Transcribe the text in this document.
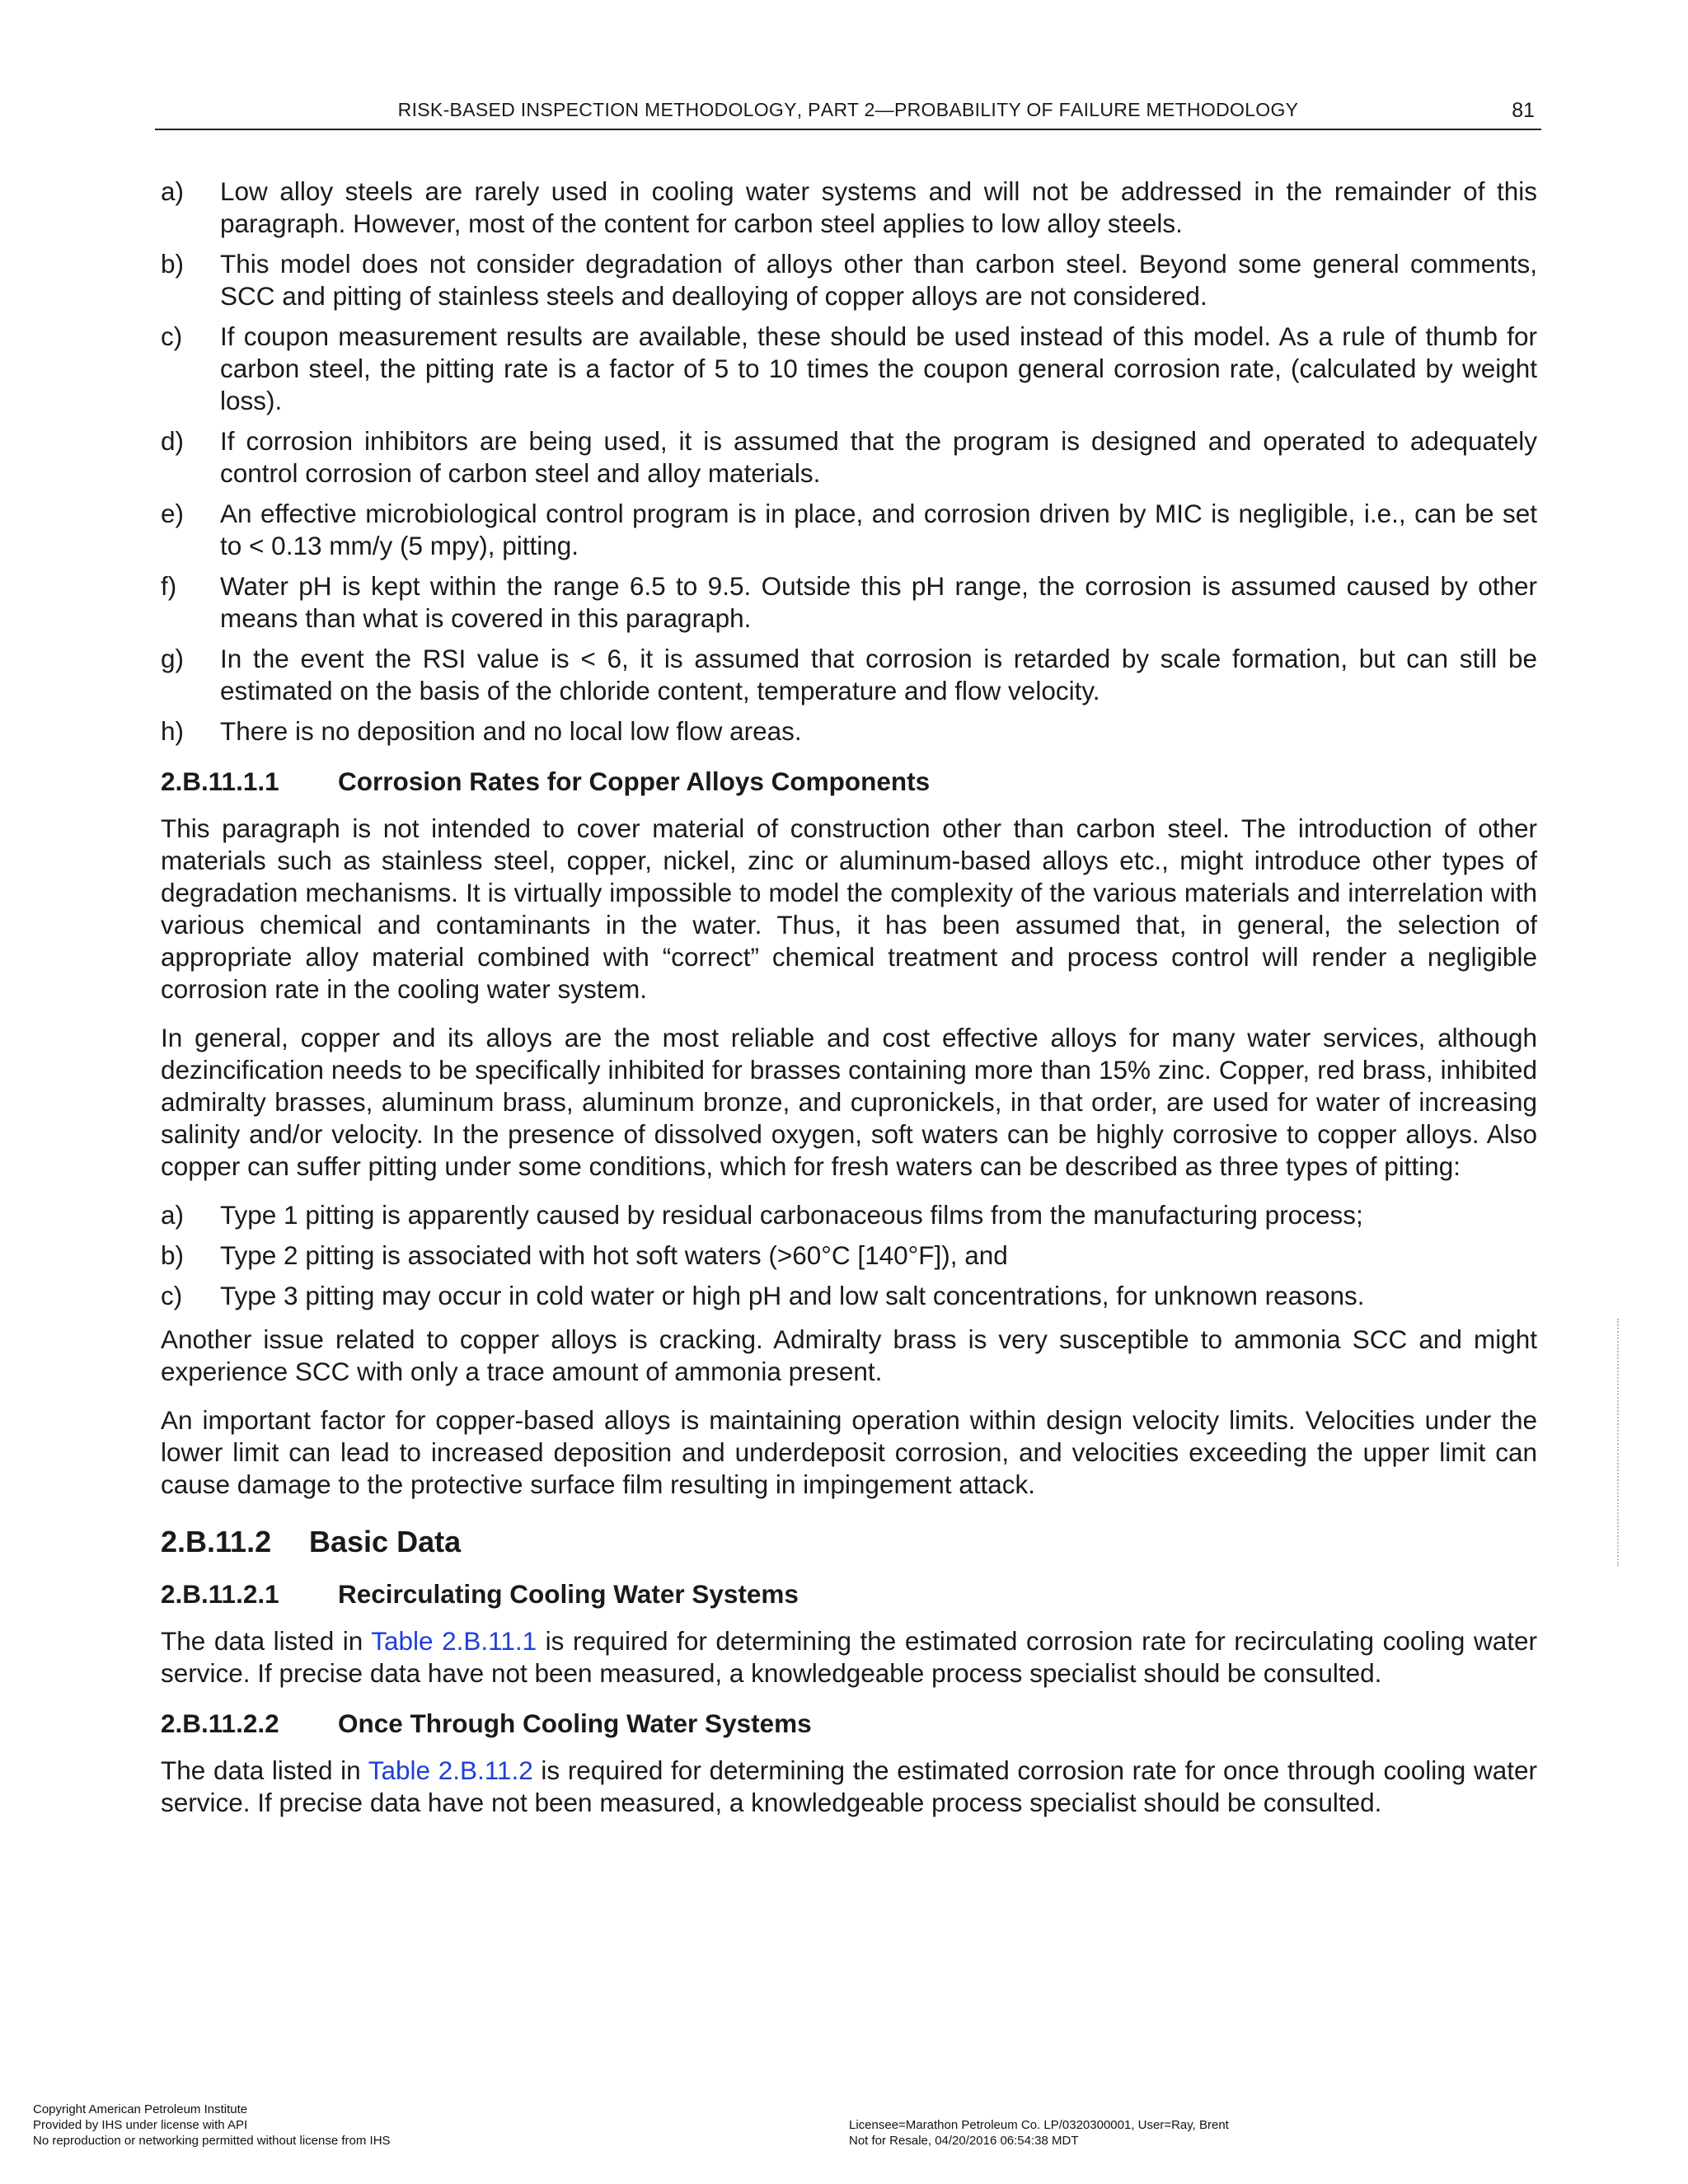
RISK-BASED INSPECTION METHODOLOGY, PART 2—PROBABILITY OF FAILURE METHODOLOGY	81
a) Low alloy steels are rarely used in cooling water systems and will not be addressed in the remainder of this paragraph. However, most of the content for carbon steel applies to low alloy steels.
b) This model does not consider degradation of alloys other than carbon steel. Beyond some general comments, SCC and pitting of stainless steels and dealloying of copper alloys are not considered.
c) If coupon measurement results are available, these should be used instead of this model. As a rule of thumb for carbon steel, the pitting rate is a factor of 5 to 10 times the coupon general corrosion rate, (calculated by weight loss).
d) If corrosion inhibitors are being used, it is assumed that the program is designed and operated to adequately control corrosion of carbon steel and alloy materials.
e) An effective microbiological control program is in place, and corrosion driven by MIC is negligible, i.e., can be set to < 0.13 mm/y (5 mpy), pitting.
f) Water pH is kept within the range 6.5 to 9.5. Outside this pH range, the corrosion is assumed caused by other means than what is covered in this paragraph.
g) In the event the RSI value is < 6, it is assumed that corrosion is retarded by scale formation, but can still be estimated on the basis of the chloride content, temperature and flow velocity.
h) There is no deposition and no local low flow areas.
2.B.11.1.1 Corrosion Rates for Copper Alloys Components

This paragraph is not intended to cover material of construction other than carbon steel. The introduction of other materials such as stainless steel, copper, nickel, zinc or aluminum-based alloys etc., might introduce other types of degradation mechanisms. It is virtually impossible to model the complexity of the various materials and interrelation with various chemical and contaminants in the water. Thus, it has been assumed that, in general, the selection of appropriate alloy material combined with “correct” chemical treatment and process control will render a negligible corrosion rate in the cooling water system.

In general, copper and its alloys are the most reliable and cost effective alloys for many water services, although dezincification needs to be specifically inhibited for brasses containing more than 15% zinc. Copper, red brass, inhibited admiralty brasses, aluminum brass, aluminum bronze, and cupronickels, in that order, are used for water of increasing salinity and/or velocity. In the presence of dissolved oxygen, soft waters can be highly corrosive to copper alloys. Also copper can suffer pitting under some conditions, which for fresh waters can be described as three types of pitting:

a) Type 1 pitting is apparently caused by residual carbonaceous films from the manufacturing process;
b) Type 2 pitting is associated with hot soft waters (>60°C [140°F]), and
c) Type 3 pitting may occur in cold water or high pH and low salt concentrations, for unknown reasons.

Another issue related to copper alloys is cracking. Admiralty brass is very susceptible to ammonia SCC and might experience SCC with only a trace amount of ammonia present.

An important factor for copper-based alloys is maintaining operation within design velocity limits. Velocities under the lower limit can lead to increased deposition and underdeposit corrosion, and velocities exceeding the upper limit can cause damage to the protective surface film resulting in impingement attack.

2.B.11.2 Basic Data
2.B.11.2.1 Recirculating Cooling Water Systems

The data listed in Table 2.B.11.1 is required for determining the estimated corrosion rate for recirculating cooling water service. If precise data have not been measured, a knowledgeable process specialist should be consulted.

2.B.11.2.2 Once Through Cooling Water Systems

The data listed in Table 2.B.11.2 is required for determining the estimated corrosion rate for once through cooling water service. If precise data have not been measured, a knowledgeable process specialist should be consulted.

Copyright American Petroleum Institute
Provided by IHS under license with API
No reproduction or networking permitted without license from IHS
Licensee=Marathon Petroleum Co. LP/0320300001, User=Ray, Brent
Not for Resale, 04/20/2016 06:54:38 MDT
